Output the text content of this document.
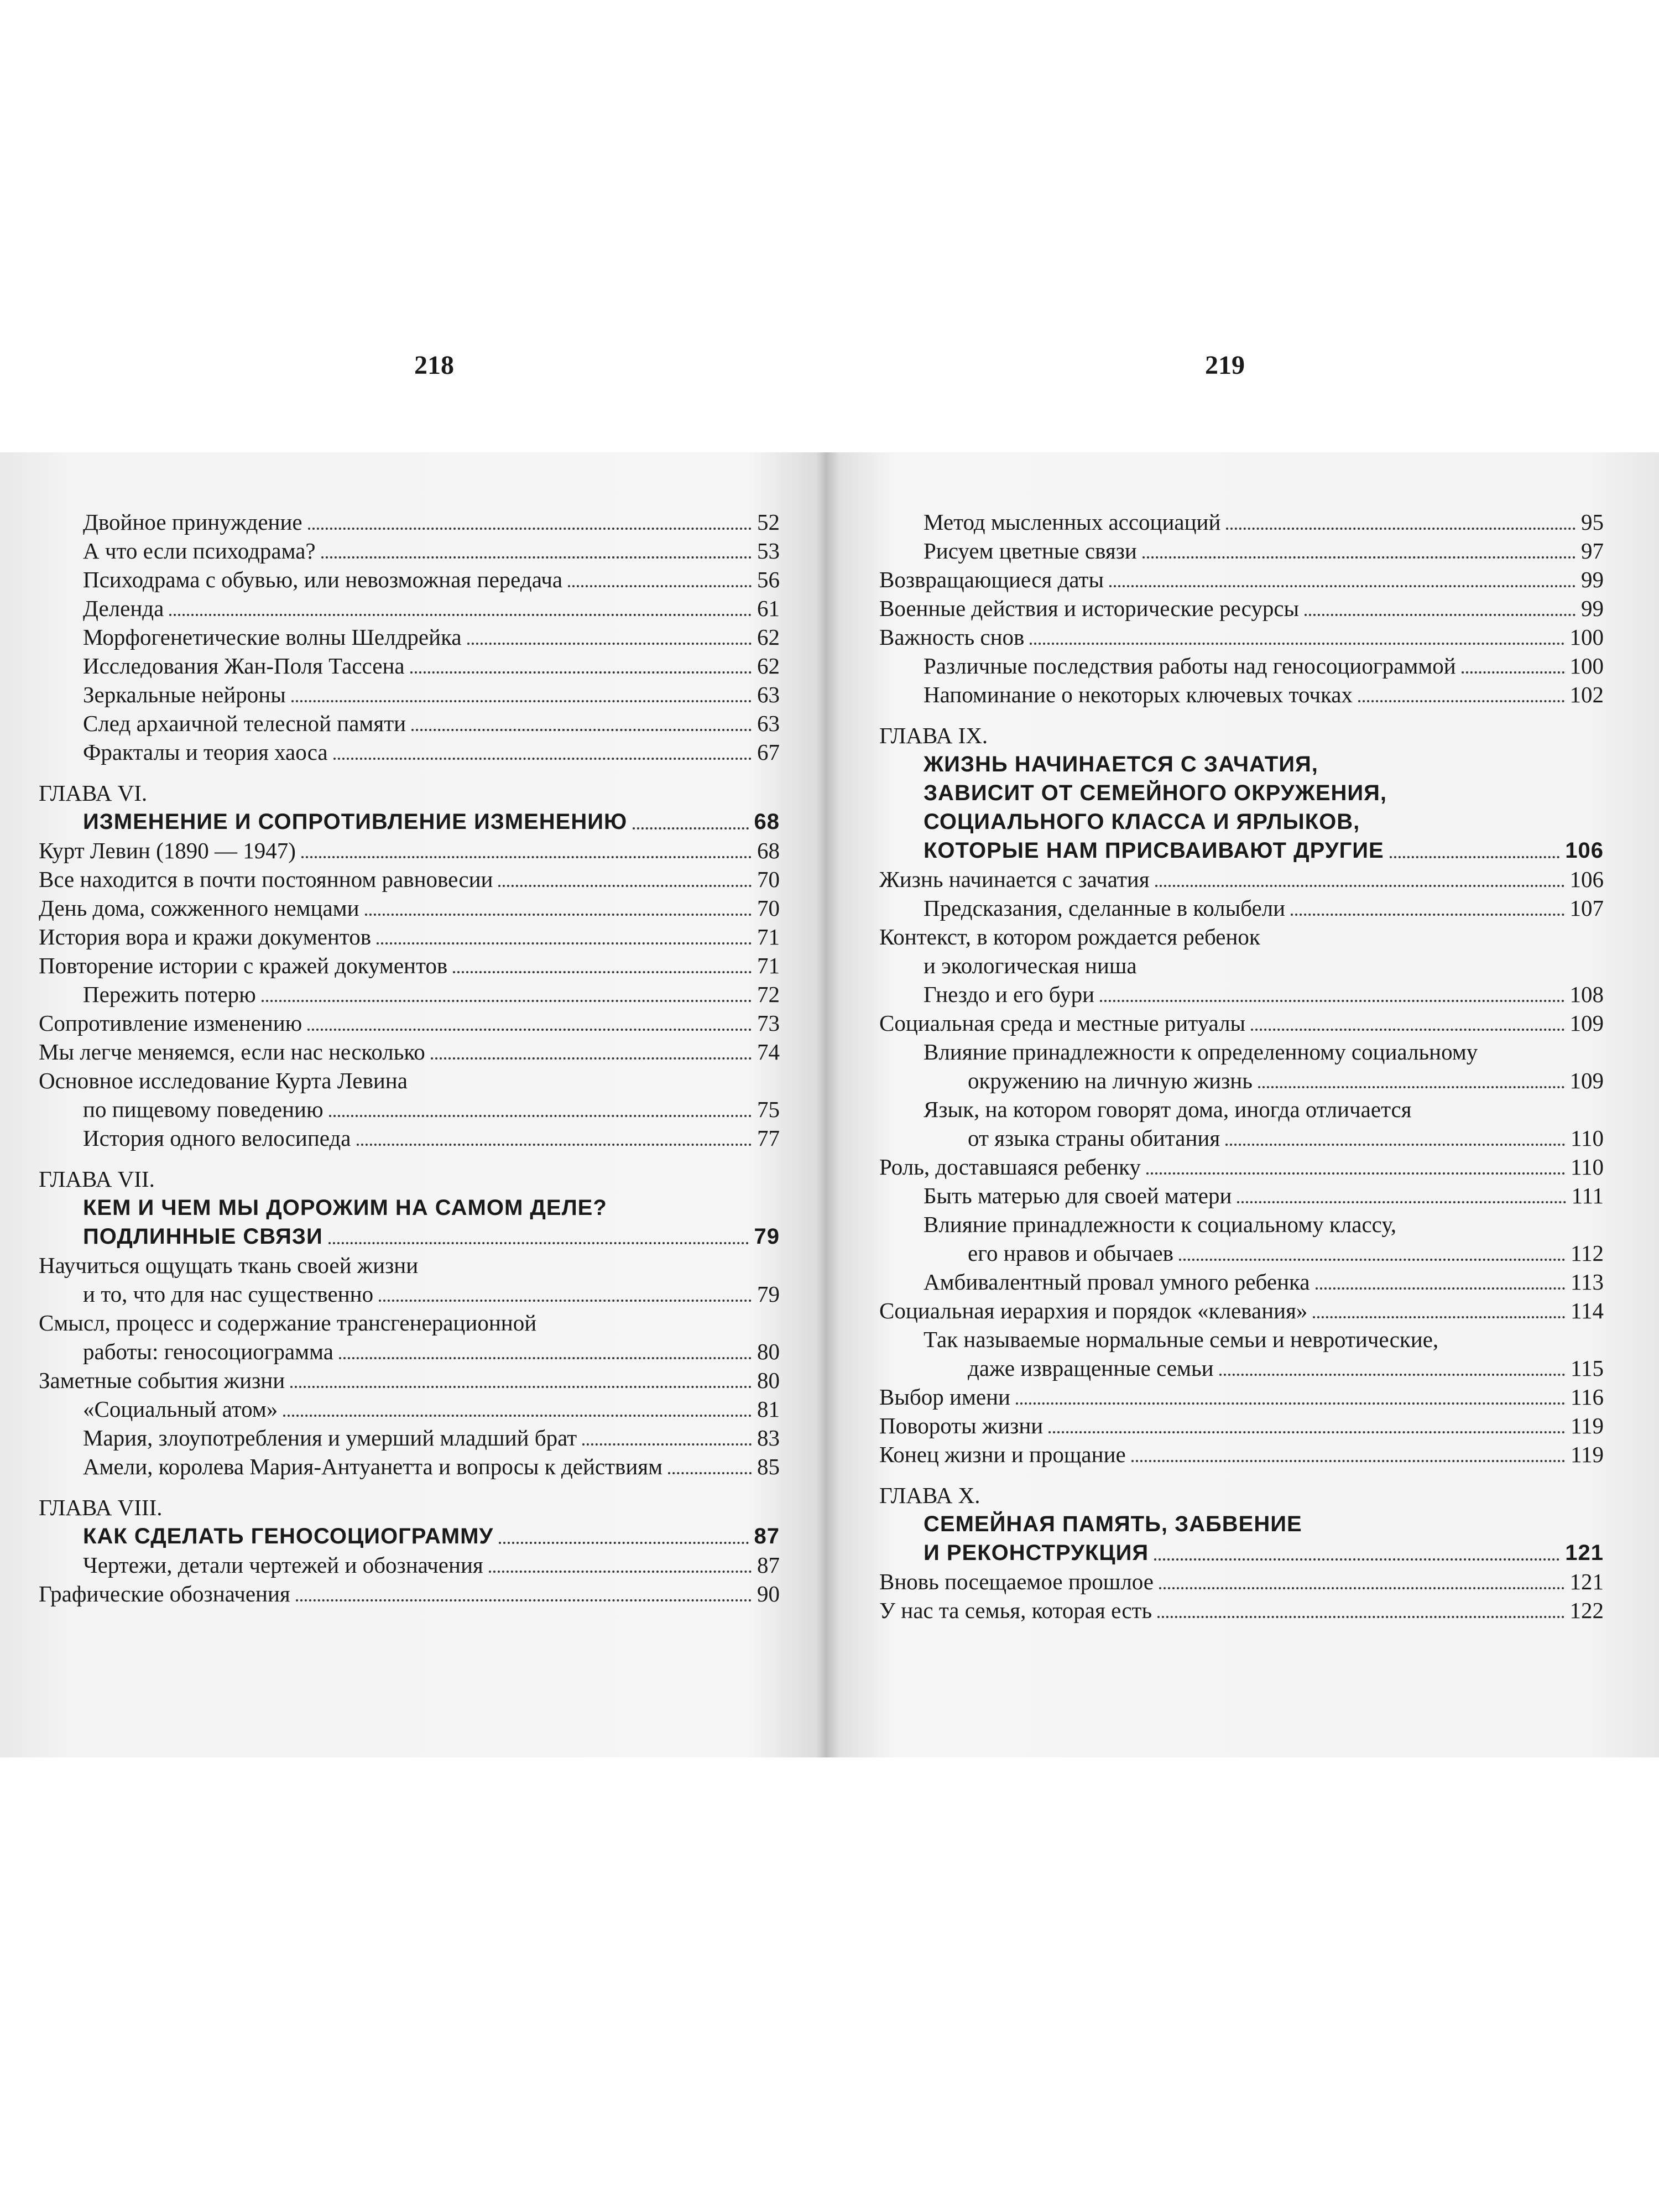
Двойное принуждение	52
А что если психодрама?	53
Психодрама с обувью, или невозможная передача	56
Деленда	61
Морфогенетические волны Шелдрейка	62
Исследования Жан-Поля Тассена	62
Зеркальные нейроны	63
След архаичной телесной памяти	63
Фракталы и теория хаоса	67
ГЛАВА VI.
ИЗМЕНЕНИЕ И СОПРОТИВЛЕНИЕ ИЗМЕНЕНИЮ	68
Курт Левин (1890 — 1947)	68
Все находится в почти постоянном равновесии	70
День дома, сожженного немцами	70
История вора и кражи документов	71
Повторение истории с кражей документов	71
Пережить потерю	72
Сопротивление изменению	73
Мы легче меняемся, если нас несколько	74
Основное исследование Курта Левина
по пищевому поведению	75
История одного велосипеда	77
ГЛАВА VII.
КЕМ И ЧЕМ МЫ ДОРОЖИМ НА САМОМ ДЕЛЕ?
ПОДЛИННЫЕ СВЯЗИ	79
Научиться ощущать ткань своей жизни
и то, что для нас существенно	79
Смысл, процесс и содержание трансгенерационной
работы: геносоциограмма	80
Заметные события жизни	80
«Социальный атом»	81
Мария, злоупотребления и умерший младший брат	83
Амели, королева Мария-Антуанетта и вопросы к действиям	85
ГЛАВА VIII.
КАК СДЕЛАТЬ ГЕНОСОЦИОГРАММУ	87
Чертежи, детали чертежей и обозначения	87
Графические обозначения	90
218
Метод мысленных ассоциаций	95
Рисуем цветные связи	97
Возвращающиеся даты	99
Военные действия и исторические ресурсы	99
Важность снов	100
Различные последствия работы над геносоциограммой	100
Напоминание о некоторых ключевых точках	102
ГЛАВА IX.
ЖИЗНЬ НАЧИНАЕТСЯ С ЗАЧАТИЯ,
ЗАВИСИТ ОТ СЕМЕЙНОГО ОКРУЖЕНИЯ,
СОЦИАЛЬНОГО КЛАССА И ЯРЛЫКОВ,
КОТОРЫЕ НАМ ПРИСВАИВАЮТ ДРУГИЕ	106
Жизнь начинается с зачатия	106
Предсказания, сделанные в колыбели	107
Контекст, в котором рождается ребенок
и экологическая ниша
Гнездо и его бури	108
Социальная среда и местные ритуалы	109
Влияние принадлежности к определенному социальному
окружению на личную жизнь	109
Язык, на котором говорят дома, иногда отличается
от языка страны обитания	110
Роль, доставшаяся ребенку	110
Быть матерью для своей матери	111
Влияние принадлежности к социальному классу,
его нравов и обычаев	112
Амбивалентный провал умного ребенка	113
Социальная иерархия и порядок «клевания»	114
Так называемые нормальные семьи и невротические,
даже извращенные семьи	115
Выбор имени	116
Повороты жизни	119
Конец жизни и прощание	119
ГЛАВА X.
СЕМЕЙНАЯ ПАМЯТЬ, ЗАБВЕНИЕ
И РЕКОНСТРУКЦИЯ	121
Вновь посещаемое прошлое	121
У нас та семья, которая есть	122
219
